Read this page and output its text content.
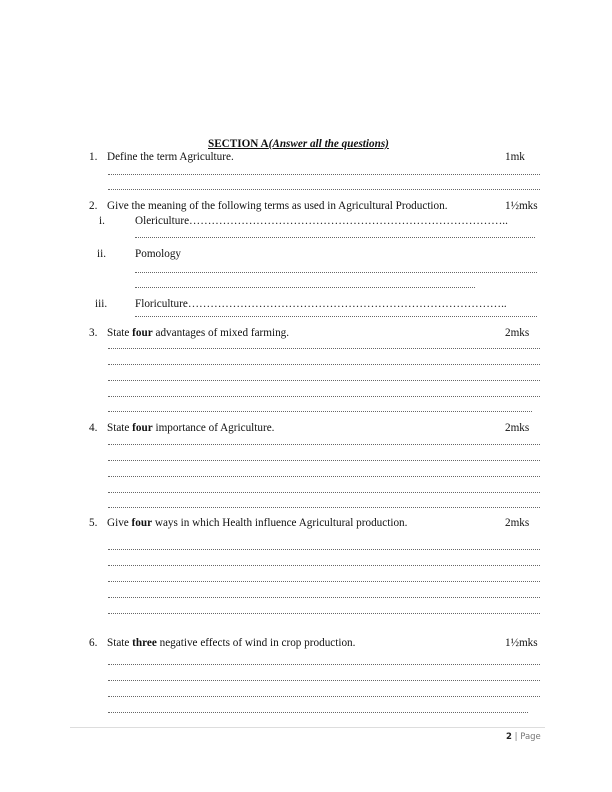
SECTION A(Answer all the questions)
1. Define the term Agriculture.	1mk
2. Give the meaning of the following terms as used in Agricultural Production.	1½mks
i.	Olericulture…………………………………………………………………………..
ii.	Pomology
iii. Floriculture…………………………………………………………………………..
3. State four advantages of mixed farming.	2mks
4. State four importance of Agriculture.	2mks
5. Give four ways in which Health influence Agricultural production.	2mks
6. State three negative effects of wind in crop production.	1½mks
2 | Page
